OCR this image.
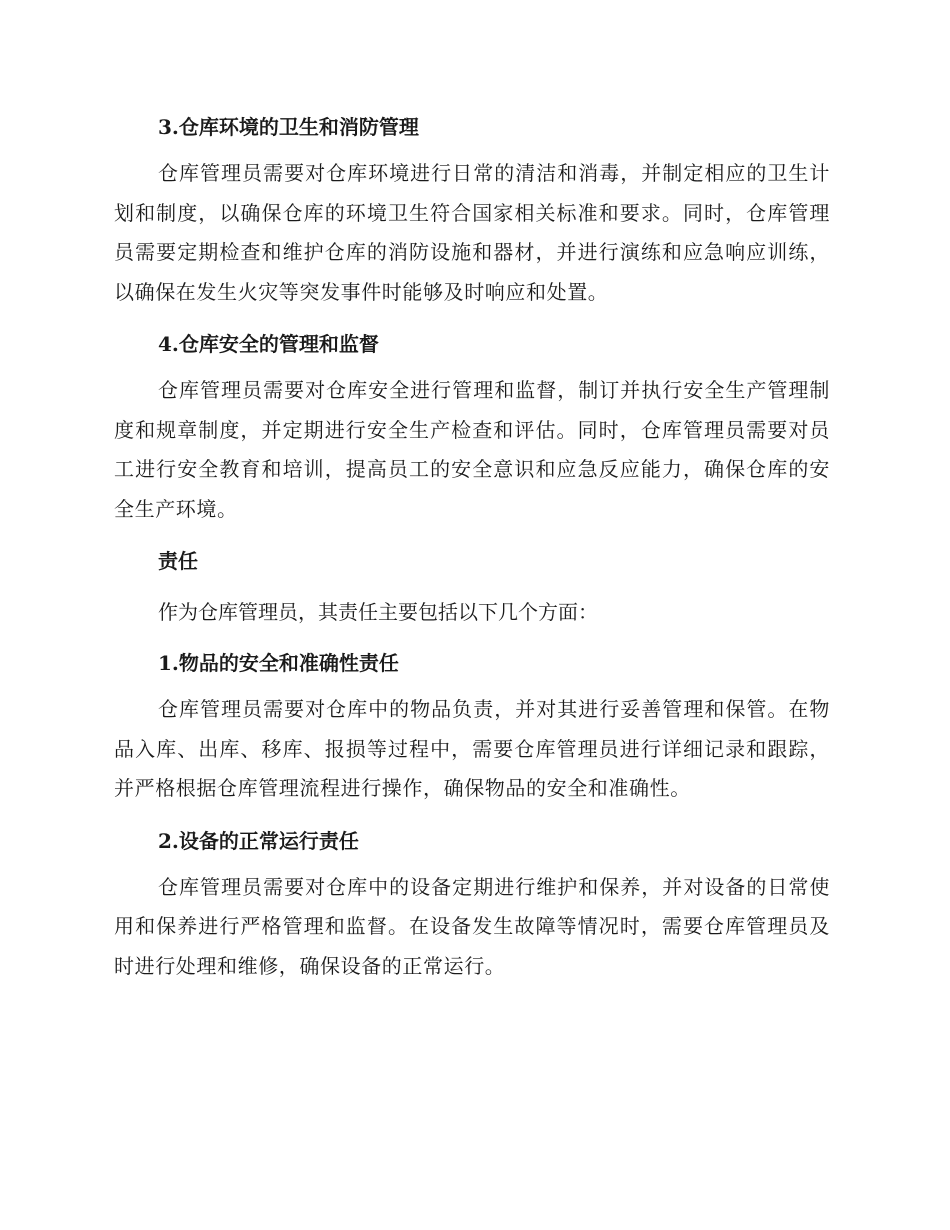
3.仓库环境的卫生和消防管理

仓库管理员需要对仓库环境进行日常的清洁和消毒，并制定相应的卫生计划和制度，以确保仓库的环境卫生符合国家相关标准和要求。同时，仓库管理员需要定期检查和维护仓库的消防设施和器材，并进行演练和应急响应训练，以确保在发生火灾等突发事件时能够及时响应和处置。

4.仓库安全的管理和监督

仓库管理员需要对仓库安全进行管理和监督，制订并执行安全生产管理制度和规章制度，并定期进行安全生产检查和评估。同时，仓库管理员需要对员工进行安全教育和培训，提高员工的安全意识和应急反应能力，确保仓库的安全生产环境。

责任

作为仓库管理员，其责任主要包括以下几个方面：

1.物品的安全和准确性责任

仓库管理员需要对仓库中的物品负责，并对其进行妥善管理和保管。在物品入库、出库、移库、报损等过程中，需要仓库管理员进行详细记录和跟踪，并严格根据仓库管理流程进行操作，确保物品的安全和准确性。

2.设备的正常运行责任

仓库管理员需要对仓库中的设备定期进行维护和保养，并对设备的日常使用和保养进行严格管理和监督。在设备发生故障等情况时，需要仓库管理员及时进行处理和维修，确保设备的正常运行。
